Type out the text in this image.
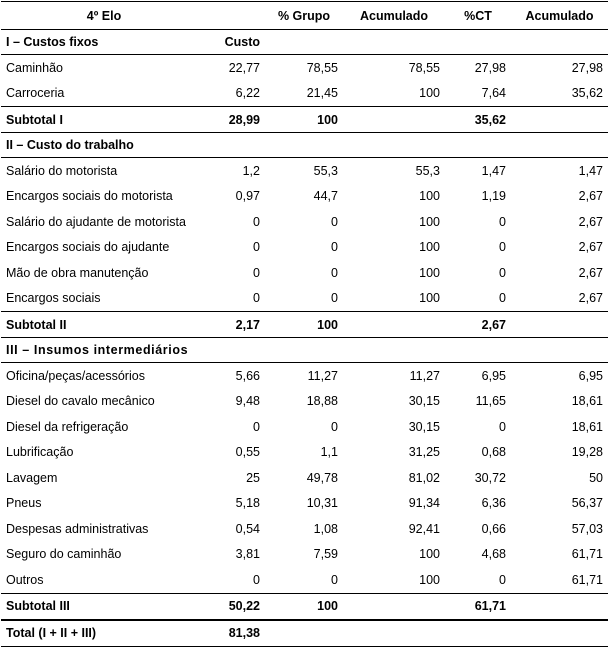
4º Elo		% Grupo	Acumulado	%CT	Acumulado
I – Custos fixos	Custo				
Caminhão	22,77	78,55	78,55	27,98	27,98
Carroceria	6,22	21,45	100	7,64	35,62
Subtotal I	28,99	100		35,62	
II – Custo do trabalho					
Salário do motorista	1,2	55,3	55,3	1,47	1,47
Encargos sociais do motorista	0,97	44,7	100	1,19	2,67
Salário do ajudante de motorista	0	0	100	0	2,67
Encargos sociais do ajudante	0	0	100	0	2,67
Mão de obra manutenção	0	0	100	0	2,67
Encargos sociais	0	0	100	0	2,67
Subtotal II	2,17	100		2,67	
III – Insumos intermediários					
Oficina/peças/acessórios	5,66	11,27	11,27	6,95	6,95
Diesel do cavalo mecânico	9,48	18,88	30,15	11,65	18,61
Diesel da refrigeração	0	0	30,15	0	18,61
Lubrificação	0,55	1,1	31,25	0,68	19,28
Lavagem	25	49,78	81,02	30,72	50
Pneus	5,18	10,31	91,34	6,36	56,37
Despesas administrativas	0,54	1,08	92,41	0,66	57,03
Seguro do caminhão	3,81	7,59	100	4,68	61,71
Outros	0	0	100	0	61,71
Subtotal III	50,22	100		61,71	
Total (I + II + III)	81,38				
